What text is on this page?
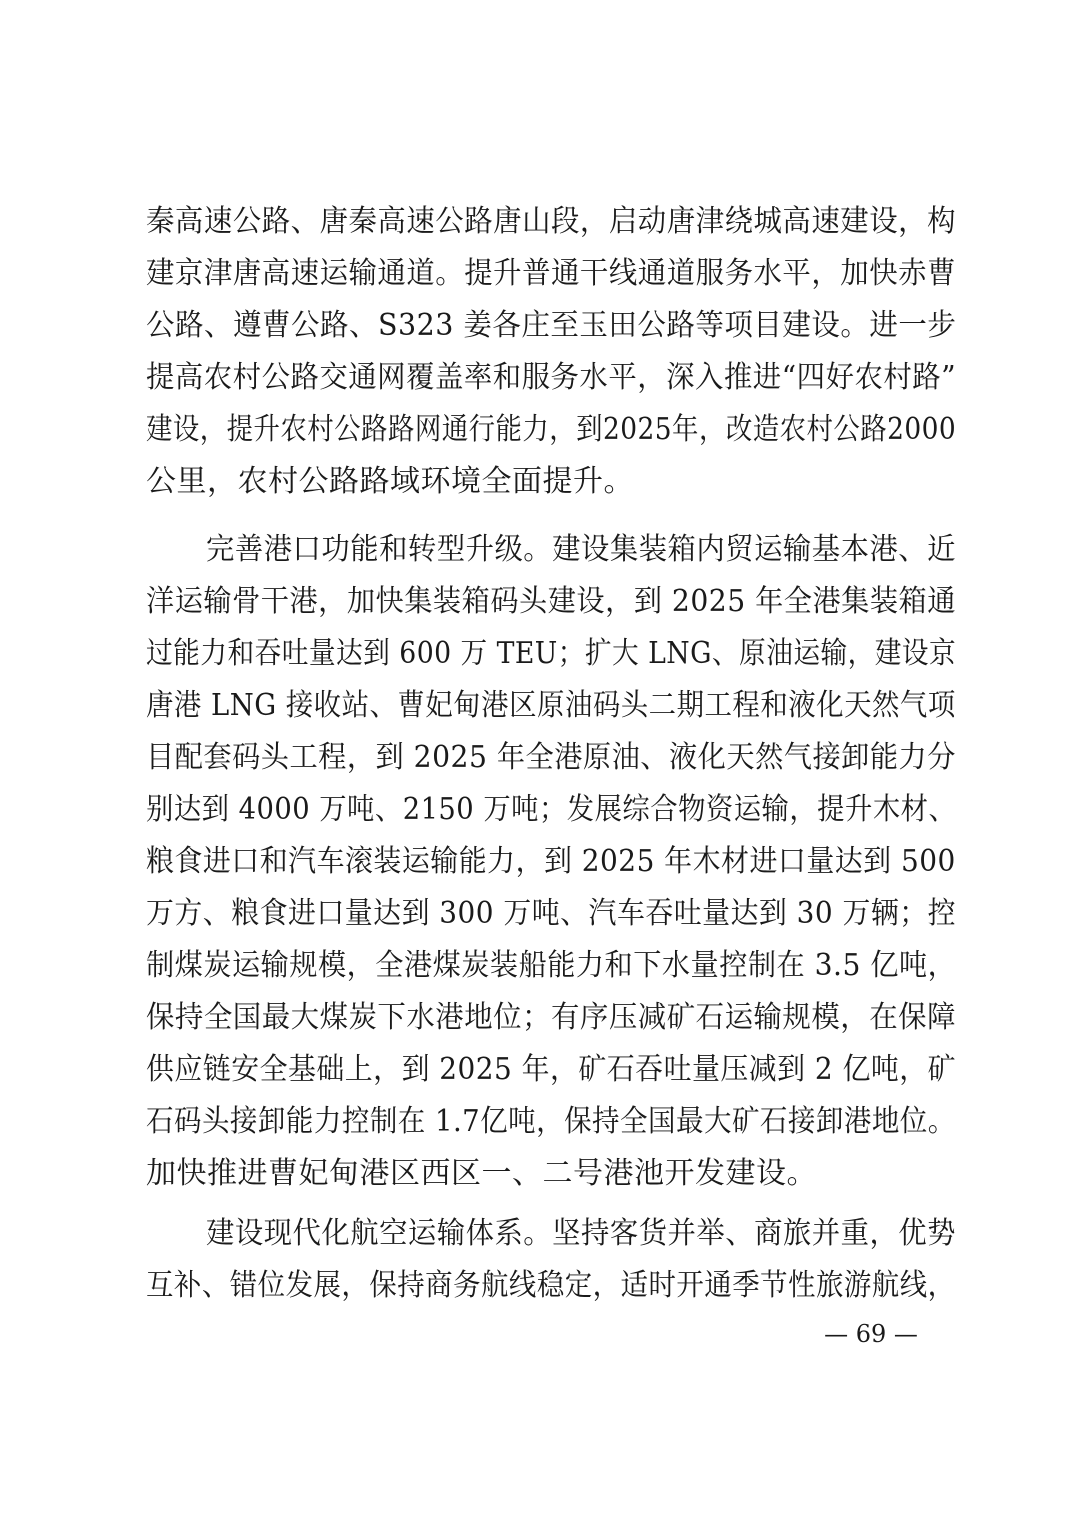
秦高速公路、唐秦高速公路唐山段，启动唐津绕城高速建设，构
建京津唐高速运输通道。提升普通干线通道服务水平，加快赤曹
公路、遵曹公路、S323 姜各庄至玉田公路等项目建设。进一步
提高农村公路交通网覆盖率和服务水平，深入推进“四好农村路”
建设，提升农村公路路网通行能力，到2025年，改造农村公路2000
公里，农村公路路域环境全面提升。
完善港口功能和转型升级。建设集装箱内贸运输基本港、近
洋运输骨干港，加快集装箱码头建设，到 2025 年全港集装箱通
过能力和吞吐量达到 600 万 TEU；扩大 LNG、原油运输，建设京
唐港 LNG 接收站、曹妃甸港区原油码头二期工程和液化天然气项
目配套码头工程，到 2025 年全港原油、液化天然气接卸能力分
别达到 4000 万吨、2150 万吨；发展综合物资运输，提升木材、
粮食进口和汽车滚装运输能力，到 2025 年木材进口量达到 500
万方、粮食进口量达到 300 万吨、汽车吞吐量达到 30 万辆；控
制煤炭运输规模，全港煤炭装船能力和下水量控制在 3.5 亿吨，
保持全国最大煤炭下水港地位；有序压减矿石运输规模，在保障
供应链安全基础上，到 2025 年，矿石吞吐量压减到 2 亿吨，矿
石码头接卸能力控制在 1.7亿吨，保持全国最大矿石接卸港地位。
加快推进曹妃甸港区西区一、二号港池开发建设。
建设现代化航空运输体系。坚持客货并举、商旅并重，优势
互补、错位发展，保持商务航线稳定，适时开通季节性旅游航线，
— 69 —
